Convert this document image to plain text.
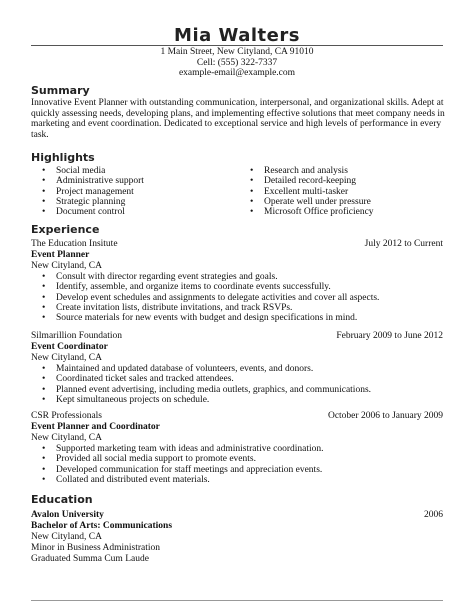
Mia Walters
1 Main Street, New Cityland, CA 91010
Cell: (555) 322-7337
example-email@example.com
Summary
Innovative Event Planner with outstanding communication, interpersonal, and organizational skills. Adept at quickly assessing needs, developing plans, and implementing effective solutions that meet company needs in marketing and event coordination. Dedicated to exceptional service and high levels of performance in every task.
Highlights
• Social media
• Administrative support
• Project management
• Strategic planning
• Document control
• Research and analysis
• Detailed record-keeping
• Excellent multi-tasker
• Operate well under pressure
• Microsoft Office proficiency
Experience
The Education Insitute	July 2012 to Current
Event Planner
New Cityland, CA
• Consult with director regarding event strategies and goals.
• Identify, assemble, and organize items to coordinate events successfully.
• Develop event schedules and assignments to delegate activities and cover all aspects.
• Create invitation lists, distribute invitations, and track RSVPs.
• Source materials for new events with budget and design specifications in mind.
Silmarillion Foundation	February 2009 to June 2012
Event Coordinator
New Cityland, CA
• Maintained and updated database of volunteers, events, and donors.
• Coordinated ticket sales and tracked attendees.
• Planned event advertising, including media outlets, graphics, and communications.
• Kept simultaneous projects on schedule.
CSR Professionals	October 2006 to January 2009
Event Planner and Coordinator
New Cityland, CA
• Supported marketing team with ideas and administrative coordination.
• Provided all social media support to promote events.
• Developed communication for staff meetings and appreciation events.
• Collated and distributed event materials.
Education
Avalon University	2006
Bachelor of Arts: Communications
New Cityland, CA
Minor in Business Administration
Graduated Summa Cum Laude
